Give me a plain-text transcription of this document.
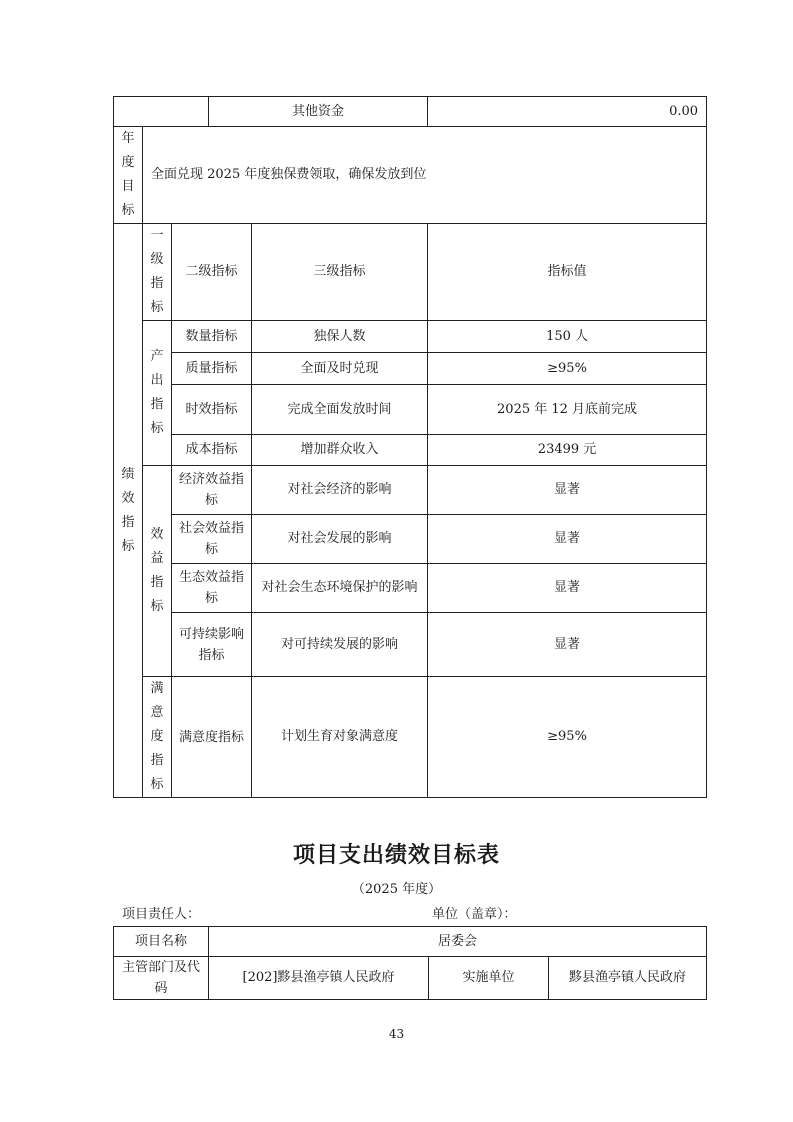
			其他资金		0.00

年度目标	全面兑现 2025 年度独保费领取，确保发放到位				

绩效指标	一级指标	二级指标		三级指标	指标值

	产出指标	数量指标		独保人数	150 人
		质量指标		全面及时兑现	≥95%
		时效指标		完成全面发放时间	2025 年 12 月底前完成
		成本指标		增加群众收入	23499 元

	效益指标	经济效益指标		对社会经济的影响	显著
		社会效益指标		对社会发展的影响	显著
		生态效益指标		对社会生态环境保护的影响	显著
		可持续影响指标		对可持续发展的影响	显著

	满意度指标	满意度指标		计划生育对象满意度	≥95%
项目支出绩效目标表
（2025 年度）
项目责任人：	单位（盖章）：
项目名称	居委会		
主管部门及代码	[202]黟县渔亭镇人民政府	实施单位	黟县渔亭镇人民政府
43
